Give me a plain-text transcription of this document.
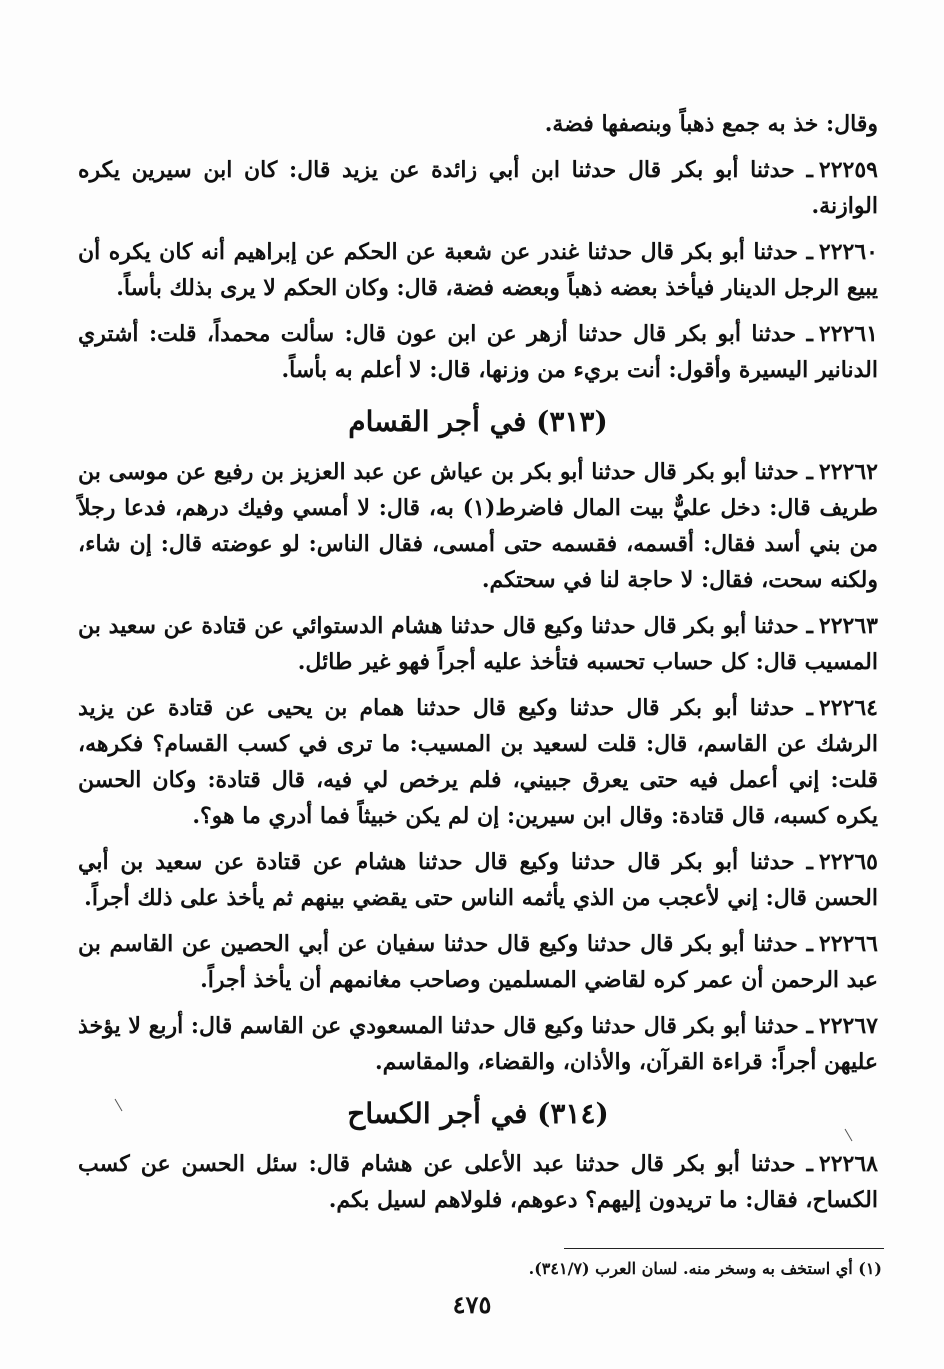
وقال: خذ به جمع ذهباً وبنصفها فضة.

٢٢٢٥٩ـ حدثنا أبو بكر قال حدثنا ابن أبي زائدة عن يزيد قال: كان ابن سيرين يكره الوازنة.

٢٢٢٦٠ـ حدثنا أبو بكر قال حدثنا غندر عن شعبة عن الحكم عن إبراهيم أنه كان يكره أن يبيع الرجل الدينار فيأخذ بعضه ذهباً وبعضه فضة، قال: وكان الحكم لا يرى بذلك بأساً.

٢٢٢٦١ـ حدثنا أبو بكر قال حدثنا أزهر عن ابن عون قال: سألت محمداً، قلت: أشتري الدنانير اليسيرة وأقول: أنت بريء من وزنها، قال: لا أعلم به بأساً.

(٣١٣) في أجر القسام

٢٢٢٦٢ـ حدثنا أبو بكر قال حدثنا أبو بكر بن عياش عن عبد العزيز بن رفيع عن موسى بن طريف قال: دخل عليٌّ بيت المال فاضرط(١) به، قال: لا أمسي وفيك درهم، فدعا رجلاً من بني أسد فقال: أقسمه، فقسمه حتى أمسى، فقال الناس: لو عوضته قال: إن شاء، ولكنه سحت، فقال: لا حاجة لنا في سحتكم.

٢٢٢٦٣ـ حدثنا أبو بكر قال حدثنا وكيع قال حدثنا هشام الدستوائي عن قتادة عن سعيد بن المسيب قال: كل حساب تحسبه فتأخذ عليه أجراً فهو غير طائل.

٢٢٢٦٤ـ حدثنا أبو بكر قال حدثنا وكيع قال حدثنا همام بن يحيى عن قتادة عن يزيد الرشك عن القاسم، قال: قلت لسعيد بن المسيب: ما ترى في كسب القسام؟ فكرهه، قلت: إني أعمل فيه حتى يعرق جبيني، فلم يرخص لي فيه، قال قتادة: وكان الحسن يكره كسبه، قال قتادة: وقال ابن سيرين: إن لم يكن خبيثاً فما أدري ما هو؟.

٢٢٢٦٥ـ حدثنا أبو بكر قال حدثنا وكيع قال حدثنا هشام عن قتادة عن سعيد بن أبي الحسن قال: إني لأعجب من الذي يأثمه الناس حتى يقضي بينهم ثم يأخذ على ذلك أجراً.

٢٢٢٦٦ـ حدثنا أبو بكر قال حدثنا وكيع قال حدثنا سفيان عن أبي الحصين عن القاسم بن عبد الرحمن أن عمر كره لقاضي المسلمين وصاحب مغانمهم أن يأخذ أجراً.

٢٢٢٦٧ـ حدثنا أبو بكر قال حدثنا وكيع قال حدثنا المسعودي عن القاسم قال: أربع لا يؤخذ عليهن أجراً: قراءة القرآن، والأذان، والقضاء، والمقاسم.

(٣١٤) في أجر الكساح

٢٢٢٦٨ـ حدثنا أبو بكر قال حدثنا عبد الأعلى عن هشام قال: سئل الحسن عن كسب الكساح، فقال: ما تريدون إليهم؟ دعوهم، فلولاهم لسيل بكم.

(١) أي استخف به وسخر منه. لسان العرب (٣٤١/٧).
٤٧٥
